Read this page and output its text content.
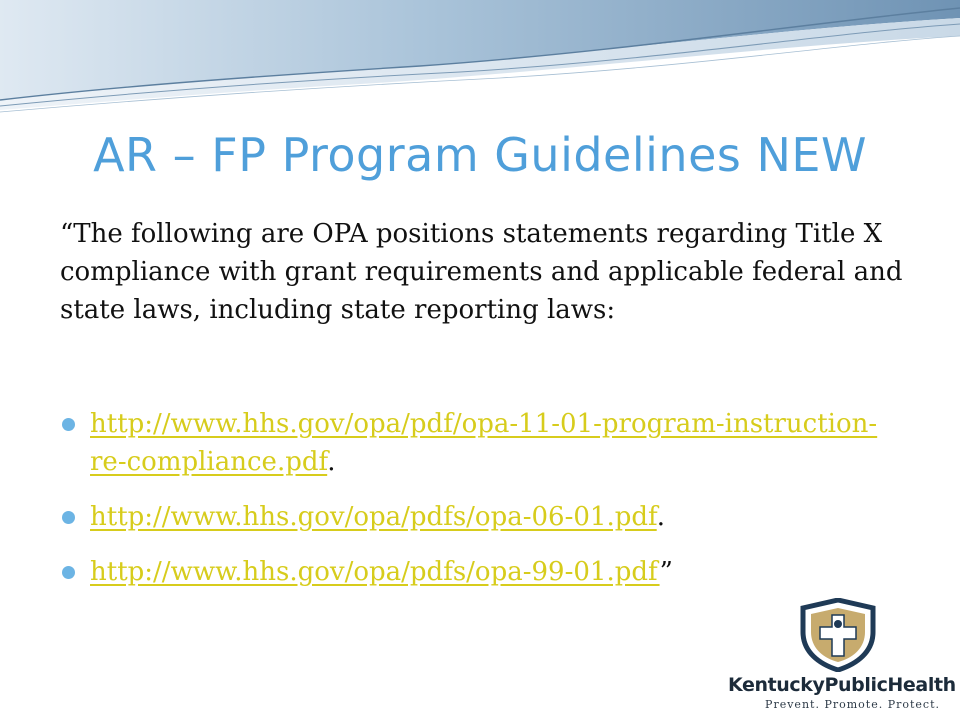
AR – FP Program Guidelines NEW

“The following are OPA positions statements regarding Title X compliance with grant requirements and applicable federal and state laws, including state reporting laws:

http://www.hhs.gov/opa/pdf/opa-11-01-program-instruction-re-compliance.pdf.
http://www.hhs.gov/opa/pdfs/opa-06-01.pdf.
http://www.hhs.gov/opa/pdfs/opa-99-01.pdf”
KentuckyPublicHealth
Prevent. Promote. Protect.
